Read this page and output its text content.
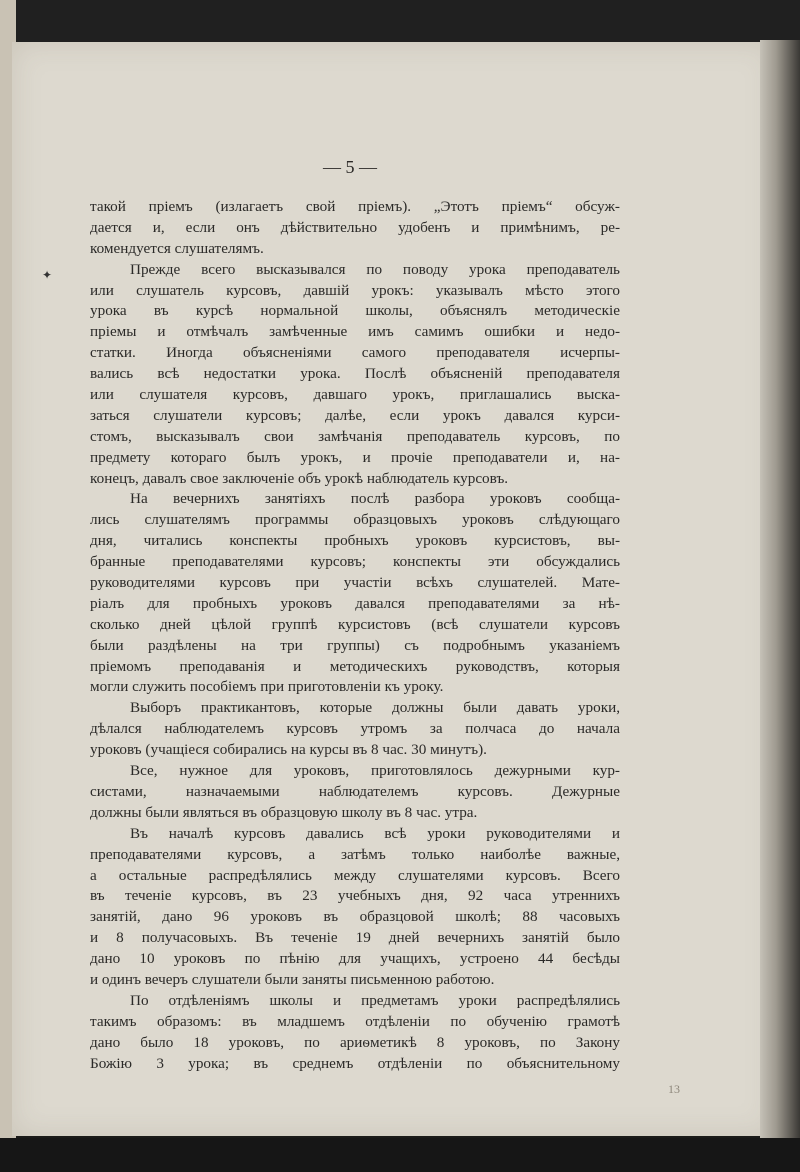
✦
— 5 —
такой пріемъ (излагаетъ свой пріемъ). „Этотъ пріемъ“ обсуж-
дается и, если онъ дѣйствительно удобенъ и примѣнимъ, ре-
комендуется слушателямъ.
Прежде всего высказывался по поводу урока преподаватель
или слушатель курсовъ, давшій урокъ: указывалъ мѣсто этого
урока въ курсѣ нормальной школы, объяснялъ методическіе
пріемы и отмѣчалъ замѣченные имъ самимъ ошибки и недо-
статки. Иногда объясненіями самого преподавателя исчерпы-
вались всѣ недостатки урока. Послѣ объясненій преподавателя
или слушателя курсовъ, давшаго урокъ, приглашались выска-
заться слушатели курсовъ; далѣе, если урокъ давался курси-
стомъ, высказывалъ свои замѣчанія преподаватель курсовъ, по
предмету котораго былъ урокъ, и прочіе преподаватели и, на-
конецъ, давалъ свое заключеніе объ урокѣ наблюдатель курсовъ.
На вечернихъ занятіяхъ послѣ разбора уроковъ сообща-
лись слушателямъ программы образцовыхъ уроковъ слѣдующаго
дня, читались конспекты пробныхъ уроковъ курсистовъ, вы-
бранные преподавателями курсовъ; конспекты эти обсуждались
руководителями курсовъ при участіи всѣхъ слушателей. Мате-
ріалъ для пробныхъ уроковъ давался преподавателями за нѣ-
сколько дней цѣлой группѣ курсистовъ (всѣ слушатели курсовъ
были раздѣлены на три группы) съ подробнымъ указаніемъ
пріемомъ преподаванія и методическихъ руководствъ, которыя
могли служить пособіемъ при приготовленіи къ уроку.
Выборъ практикантовъ, которые должны были давать уроки,
дѣлался наблюдателемъ курсовъ утромъ за полчаса до начала
уроковъ (учащіеся собирались на курсы въ 8 час. 30 минутъ).
Все, нужное для уроковъ, приготовлялось дежурными кур-
систами, назначаемыми наблюдателемъ курсовъ. Дежурные
должны были являться въ образцовую школу въ 8 час. утра.
Въ началѣ курсовъ давались всѣ уроки руководителями и
преподавателями курсовъ, а затѣмъ только наиболѣе важные,
а остальные распредѣлялись между слушателями курсовъ. Всего
въ теченіе курсовъ, въ 23 учебныхъ дня, 92 часа утреннихъ
занятій, дано 96 уроковъ въ образцовой школѣ; 88 часовыхъ
и 8 получасовыхъ. Въ теченіе 19 дней вечернихъ занятій было
дано 10 уроковъ по пѣнію для учащихъ, устроено 44 бесѣды
и одинъ вечеръ слушатели были заняты письменною работою.
По отдѣленіямъ школы и предметамъ уроки распредѣлялись
такимъ образомъ: въ младшемъ отдѣленіи по обученію грамотѣ
дано было 18 уроковъ, по ариѳметикѣ 8 уроковъ, по Закону
Божію 3 урока; въ среднемъ отдѣленіи по объяснительному
13
